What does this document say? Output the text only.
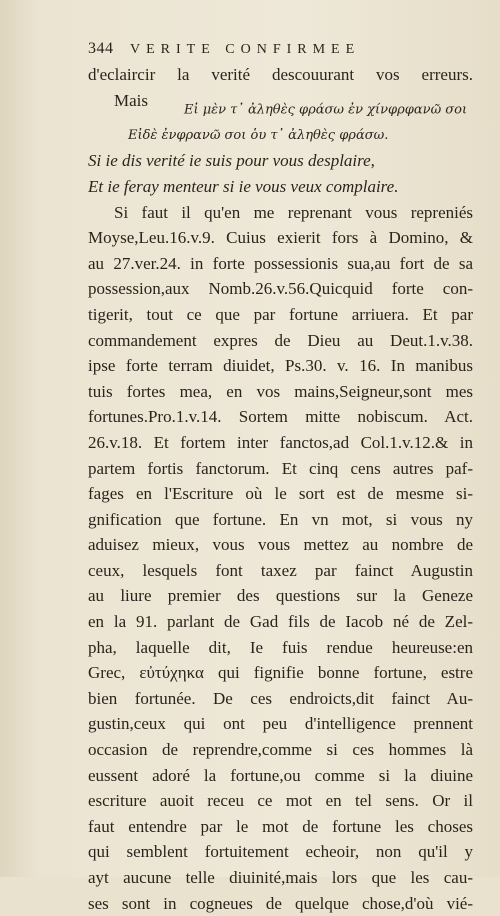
344 VERITE CONFIRMEE
d'eclaircir la verité descouurant vos erreurs.
MaisΕἰ μὲν τ᾽ ἀληθὲς φράσω ἐν χίνφρφανῶ σοι
Εἰδὲ ἐνφρανῶ σοι ὁυ τ᾽ ἀληθὲς φράσω.
Si ie dis verité ie suis pour vous desplaire,
Et ie feray menteur si ie vous veux complaire.
Si faut il qu'en me reprenant vous repreniés
Moyse,Leu.16.v.9. Cuius exierit fors à Domino, &
au 27.ver.24. in forte possessionis sua,au fort de sa
possession,aux Nomb.26.v.56.Quicquid forte con-
tigerit, tout ce que par fortune arriuera. Et par
commandement expres de Dieu au Deut.1.v.38.
ipse forte terram diuidet, Ps.30. v. 16. In manibus
tuis fortes mea, en vos mains,Seigneur,sont mes
fortunes.Pro.1.v.14. Sortem mitte nobiscum. Act.
26.v.18. Et fortem inter fanctos,ad Col.1.v.12.& in
partem fortis fanctorum. Et cinq cens autres paf-
fages en l'Escriture où le sort est de mesme si-
gnification que fortune. En vn mot, si vous ny
aduisez mieux, vous vous mettez au nombre de
ceux, lesquels font taxez par fainct Augustin
au liure premier des questions sur la Geneze
en la 91. parlant de Gad fils de Iacob né de Zel-
pha, laquelle dit, Ie fuis rendue heureuse:en
Grec, εὐτύχηκα qui fignifie bonne fortune, estre
bien fortunée. De ces endroicts,dit fainct Au-
gustin,ceux qui ont peu d'intelligence prennent
occasion de reprendre,comme si ces hommes là
eussent adoré la fortune,ou comme si la diuine
escriture auoit receu ce mot en tel sens. Or il
faut entendre par le mot de fortune les choses
qui semblent fortuitement echeoir, non qu'il y
ayt aucune telle diuinité,mais lors que les cau-
ses sont in cogneues de quelque chose,d'où vié-
